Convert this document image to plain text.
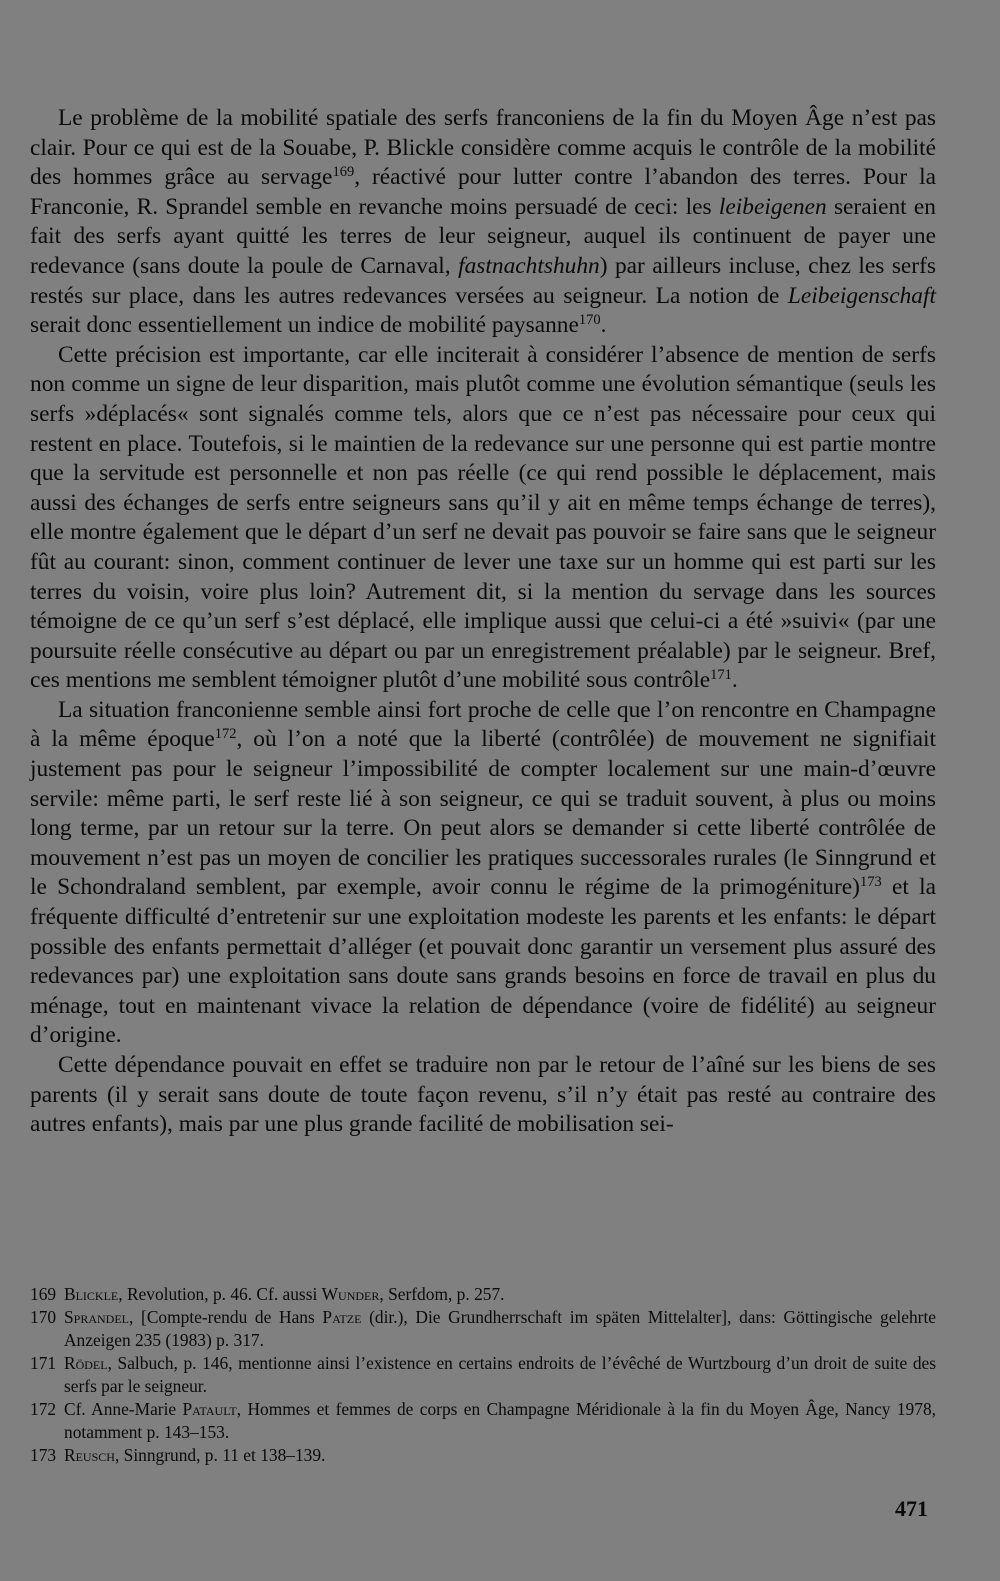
Le problème de la mobilité spatiale des serfs franconiens de la fin du Moyen Âge n’est pas clair. Pour ce qui est de la Souabe, P. Blickle considère comme acquis le contrôle de la mobilité des hommes grâce au servage$^{169}$, réactivé pour lutter contre l’abandon des terres. Pour la Franconie, R. Sprandel semble en revanche moins persuadé de ceci: les leibeigenen seraient en fait des serfs ayant quitté les terres de leur seigneur, auquel ils continuent de payer une redevance (sans doute la poule de Carnaval, fastnachtshuhn) par ailleurs incluse, chez les serfs restés sur place, dans les autres redevances versées au seigneur. La notion de Leibeigenschaft serait donc essentiellement un indice de mobilité paysanne$^{170}$.

Cette précision est importante, car elle inciterait à considérer l’absence de mention de serfs non comme un signe de leur disparition, mais plutôt comme une évolution sémantique (seuls les serfs »déplacés« sont signalés comme tels, alors que ce n’est pas nécessaire pour ceux qui restent en place. Toutefois, si le maintien de la redevance sur une personne qui est partie montre que la servitude est personnelle et non pas réelle (ce qui rend possible le déplacement, mais aussi des échanges de serfs entre seigneurs sans qu’il y ait en même temps échange de terres), elle montre également que le départ d’un serf ne devait pas pouvoir se faire sans que le seigneur fût au courant: sinon, comment continuer de lever une taxe sur un homme qui est parti sur les terres du voisin, voire plus loin? Autrement dit, si la mention du servage dans les sources témoigne de ce qu’un serf s’est déplacé, elle implique aussi que celui-ci a été »suivi« (par une poursuite réelle consécutive au départ ou par un enregistrement préalable) par le seigneur. Bref, ces mentions me semblent témoigner plutôt d’une mobilité sous contrôle$^{171}$.

La situation franconienne semble ainsi fort proche de celle que l’on rencontre en Champagne à la même époque$^{172}$, où l’on a noté que la liberté (contrôlée) de mouvement ne signifiait justement pas pour le seigneur l’impossibilité de compter localement sur une main-d’œuvre servile: même parti, le serf reste lié à son seigneur, ce qui se traduit souvent, à plus ou moins long terme, par un retour sur la terre. On peut alors se demander si cette liberté contrôlée de mouvement n’est pas un moyen de concilier les pratiques successorales rurales (le Sinngrund et le Schondraland semblent, par exemple, avoir connu le régime de la primogéniture)$^{173}$ et la fréquente difficulté d’entretenir sur une exploitation modeste les parents et les enfants: le départ possible des enfants permettait d’alléger (et pouvait donc garantir un versement plus assuré des redevances par) une exploitation sans doute sans grands besoins en force de travail en plus du ménage, tout en maintenant vivace la relation de dépendance (voire de fidélité) au seigneur d’origine.

Cette dépendance pouvait en effet se traduire non par le retour de l’aîné sur les biens de ses parents (il y serait sans doute de toute façon revenu, s’il n’y était pas resté au contraire des autres enfants), mais par une plus grande facilité de mobilisation sei-

169 Blickle, Revolution, p. 46. Cf. aussi Wunder, Serfdom, p. 257.
170 Sprandel, [Compte-rendu de Hans Patze (dir.), Die Grundherrschaft im späten Mittelalter], dans: Göttingische gelehrte Anzeigen 235 (1983) p. 317.
171 Rödel, Salbuch, p. 146, mentionne ainsi l’existence en certains endroits de l’évêché de Wurtzbourg d’un droit de suite des serfs par le seigneur.
172 Cf. Anne-Marie Patault, Hommes et femmes de corps en Champagne Méridionale à la fin du Moyen Âge, Nancy 1978, notamment p. 143–153.
173 Reusch, Sinngrund, p. 11 et 138–139.
471
